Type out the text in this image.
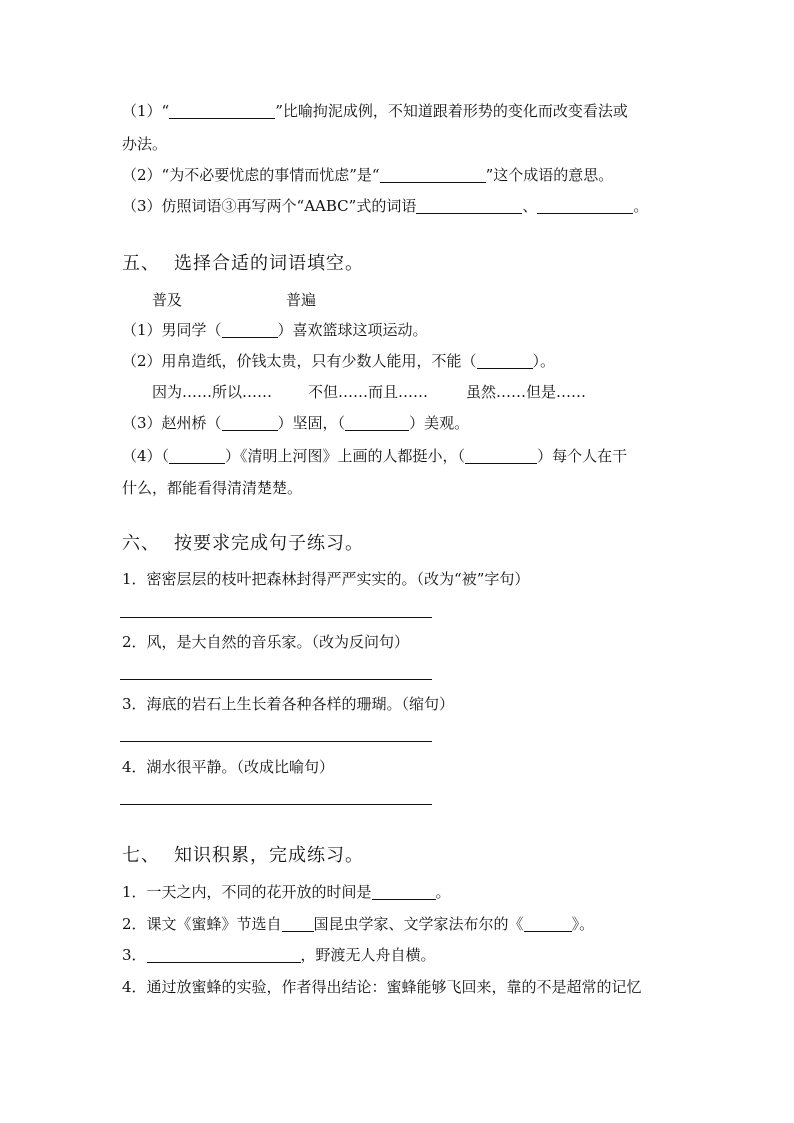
（1）“	”比喻拘泥成例，不知道跟着形势的变化而改变看法或
办法。
（2）“为不必要忧虑的事情而忧虑”是“	”这个成语的意思。
（3）仿照词语③再写两个“AABC”式的词语	、	。
五、 选择合适的词语填空。
普及	普遍
（1）男同学（	）喜欢篮球这项运动。
（2）用帛造纸，价钱太贵，只有少数人能用，不能（	）。
因为……所以…… 不但……而且……	虽然……但是……
（3）赵州桥（	）坚固，（	）美观。
（4）（	）《清明上河图》上画的人都挺小，（	）每个人在干
什么，都能看得清清楚楚。
六、 按要求完成句子练习。
1．密密层层的枝叶把森林封得严严实实的。（改为“被”字句）
2．风，是大自然的音乐家。（改为反问句）
3．海底的岩石上生长着各种各样的珊瑚。（缩句）
4．湖水很平静。（改成比喻句）
七、 知识积累，完成练习。
1．一天之内，不同的花开放的时间是	。
2．课文《蜜蜂》节选自 国昆虫学家、文学家法布尔的《	》。
3．	，野渡无人舟自横。
4．通过放蜜蜂的实验，作者得出结论：蜜蜂能够飞回来，靠的不是超常的记忆
